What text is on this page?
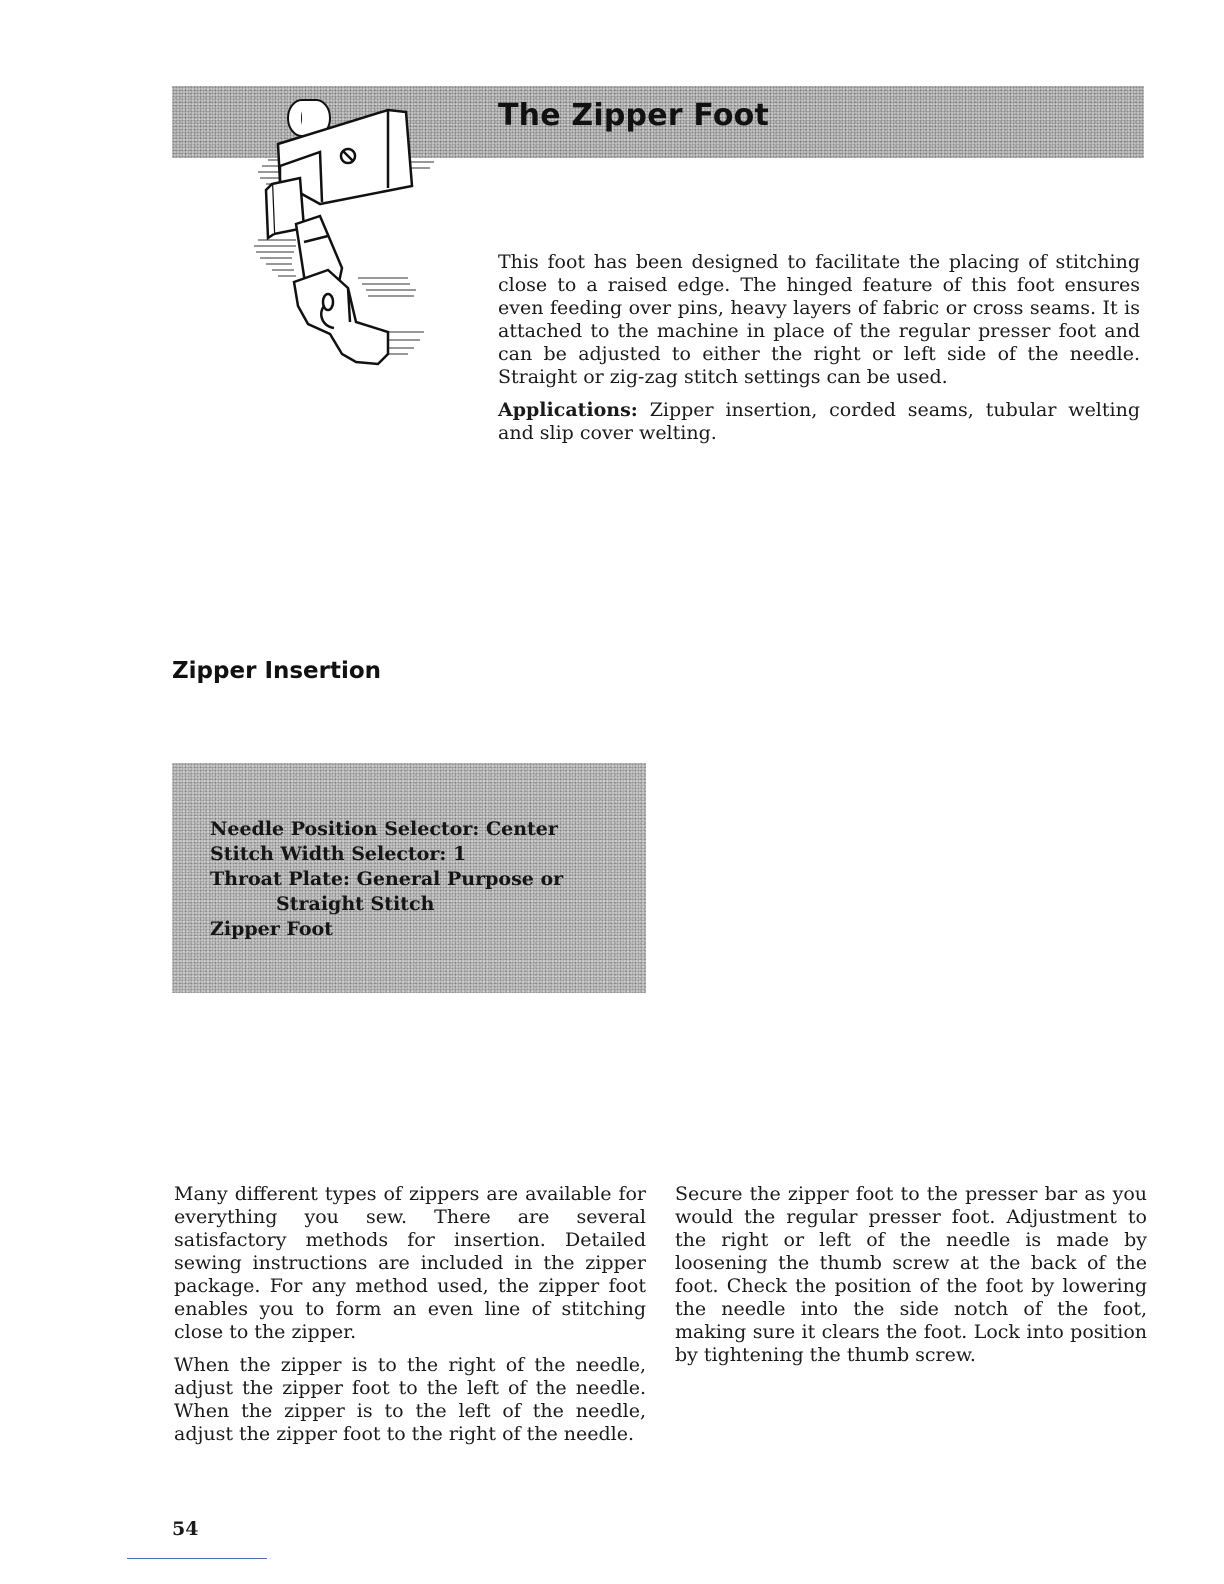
The Zipper Foot

This foot has been designed to facilitate the placing of stitching close to a raised edge. The hinged feature of this foot ensures even feeding over pins, heavy layers of fabric or cross seams. It is attached to the machine in place of the regular presser foot and can be adjusted to either the right or left side of the needle. Straight or zig-zag stitch settings can be used.

Applications: Zipper insertion, corded seams, tubular welting and slip cover welting.

Zipper Insertion
Needle Position Selector: Center
Stitch Width Selector: 1
Throat Plate: General Purpose or
Straight Stitch
Zipper Foot

Many different types of zippers are available for everything you sew. There are several satisfactory methods for insertion. Detailed sewing instructions are included in the zipper package. For any method used, the zipper foot enables you to form an even line of stitching close to the zipper.

When the zipper is to the right of the needle, adjust the zipper foot to the left of the needle. When the zipper is to the left of the needle, adjust the zipper foot to the right of the needle.

Secure the zipper foot to the presser bar as you would the regular presser foot. Adjustment to the right or left of the needle is made by loosening the thumb screw at the back of the foot. Check the position of the foot by lowering the needle into the side notch of the foot, making sure it clears the foot. Lock into position by tightening the thumb screw.

54
